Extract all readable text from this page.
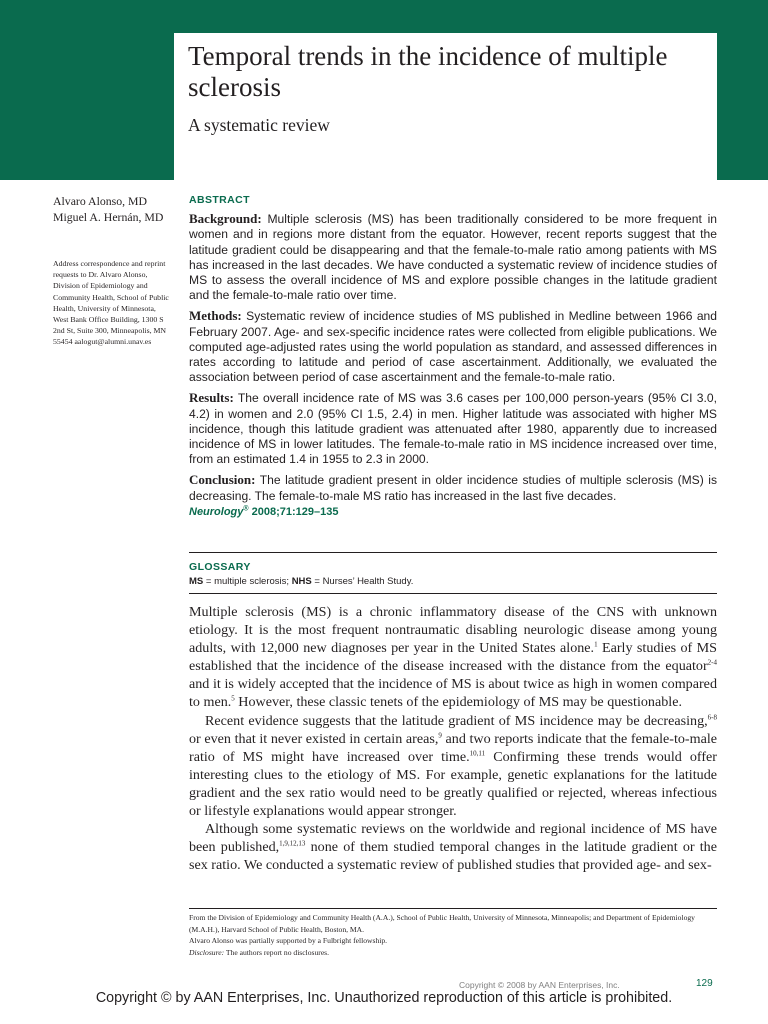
Temporal trends in the incidence of multiple sclerosis
A systematic review
Alvaro Alonso, MD
Miguel A. Hernán, MD
Address correspondence and reprint requests to Dr. Alvaro Alonso, Division of Epidemiology and Community Health, School of Public Health, University of Minnesota, West Bank Office Building, 1300 S 2nd St, Suite 300, Minneapolis, MN 55454 aalogut@alumni.unav.es
ABSTRACT

Background: Multiple sclerosis (MS) has been traditionally considered to be more frequent in women and in regions more distant from the equator. However, recent reports suggest that the latitude gradient could be disappearing and that the female-to-male ratio among patients with MS has increased in the last decades. We have conducted a systematic review of incidence studies of MS to assess the overall incidence of MS and explore possible changes in the latitude gradient and the female-to-male ratio over time.

Methods: Systematic review of incidence studies of MS published in Medline between 1966 and February 2007. Age- and sex-specific incidence rates were collected from eligible publications. We computed age-adjusted rates using the world population as standard, and assessed differences in rates according to latitude and period of case ascertainment. Additionally, we evaluated the association between period of case ascertainment and the female-to-male ratio.

Results: The overall incidence rate of MS was 3.6 cases per 100,000 person-years (95% CI 3.0, 4.2) in women and 2.0 (95% CI 1.5, 2.4) in men. Higher latitude was associated with higher MS incidence, though this latitude gradient was attenuated after 1980, apparently due to increased incidence of MS in lower latitudes. The female-to-male ratio in MS incidence increased over time, from an estimated 1.4 in 1955 to 2.3 in 2000.

Conclusion: The latitude gradient present in older incidence studies of multiple sclerosis (MS) is decreasing. The female-to-male MS ratio has increased in the last five decades.

Neurology® 2008;71:129–135
GLOSSARY
MS = multiple sclerosis; NHS = Nurses’ Health Study.

Multiple sclerosis (MS) is a chronic inflammatory disease of the CNS with unknown etiology. It is the most frequent nontraumatic disabling neurologic disease among young adults, with 12,000 new diagnoses per year in the United States alone.$^1$ Early studies of MS established that the incidence of the disease increased with the distance from the equator$^{2-4}$ and it is widely accepted that the incidence of MS is about twice as high in women compared to men.$^5$ However, these classic tenets of the epidemiology of MS may be questionable.

Recent evidence suggests that the latitude gradient of MS incidence may be decreasing,$^{6-8}$ or even that it never existed in certain areas,$^9$ and two reports indicate that the female-to-male ratio of MS might have increased over time.$^{10,11}$ Confirming these trends would offer interesting clues to the etiology of MS. For example, genetic explanations for the latitude gradient and the sex ratio would need to be greatly qualified or rejected, whereas infectious or lifestyle explanations would appear stronger.

Although some systematic reviews on the worldwide and regional incidence of MS have been published,$^{1,9,12,13}$ none of them studied temporal changes in the latitude gradient or the sex ratio. We conducted a systematic review of published studies that provided age- and sex-

From the Division of Epidemiology and Community Health (A.A.), School of Public Health, University of Minnesota, Minneapolis; and Department of Epidemiology (M.A.H.), Harvard School of Public Health, Boston, MA.

Alvaro Alonso was partially supported by a Fulbright fellowship.

Disclosure: The authors report no disclosures.

Copyright © 2008 by AAN Enterprises, Inc.	129
Copyright © by AAN Enterprises, Inc. Unauthorized reproduction of this article is prohibited.
